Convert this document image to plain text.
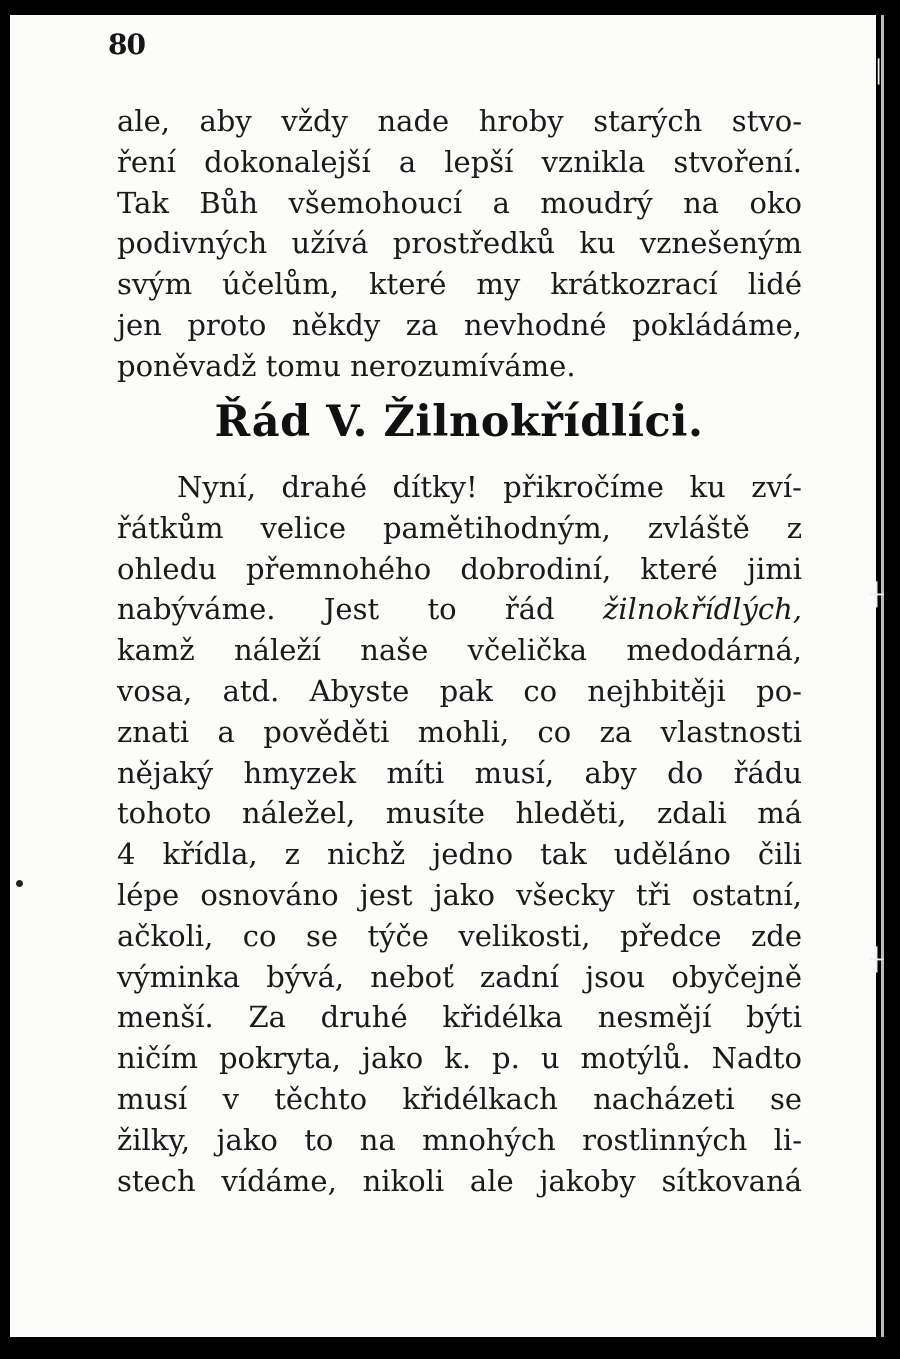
│
┼
┼

80

ale, aby vždy nade hroby starých stvo-
ření dokonalejší a lepší vznikla stvoření.
Tak Bůh všemohoucí a moudrý na oko
podivných užívá prostředků ku vznešeným
svým účelům, které my krátkozrací lidé
jen proto někdy za nevhodné pokládáme,
poněvadž tomu nerozumíváme.
Řád V. Žilnokřídlíci.
Nyní, drahé dítky! přikročíme ku zví-
řátkům velice pamětihodným, zvláště z
ohledu přemnohého dobrodiní, které jimi
nabýváme. Jest to řád žilnokřídlých,
kamž náleží naše včelička medodárná,
vosa, atd. Abyste pak co nejhbitěji po-
znati a pověděti mohli, co za vlastnosti
nějaký hmyzek míti musí, aby do řádu
tohoto náležel, musíte hleděti, zdali má
4 křídla, z nichž jedno tak uděláno čili
lépe osnováno jest jako všecky tři ostatní,
ačkoli, co se týče velikosti, předce zde
výminka bývá, neboť zadní jsou obyčejně
menší. Za druhé křidélka nesmějí býti
ničím pokryta, jako k. p. u motýlů. Nadto
musí v těchto křidélkach nacházeti se
žilky, jako to na mnohých rostlinných li-
stech vídáme, nikoli ale jakoby sítkovaná
